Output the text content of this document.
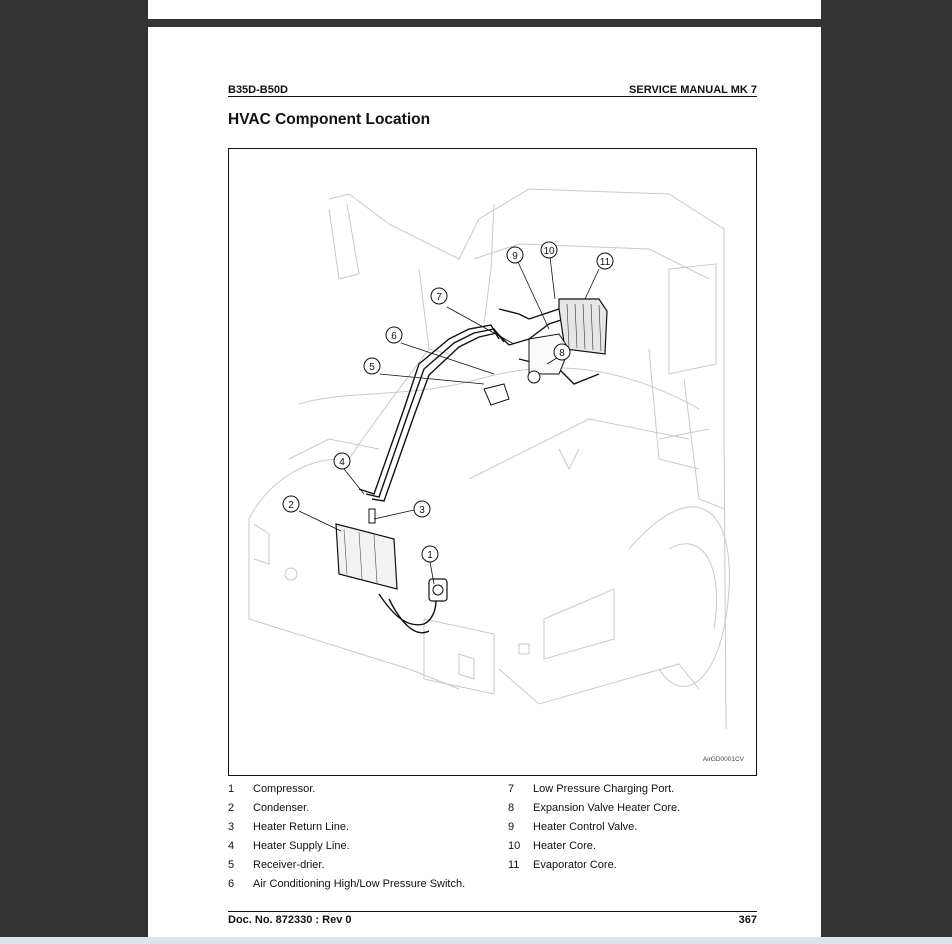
B35D-B50D	SERVICE MANUAL MK 7
HVAC Component Location
1
2	3
4
5
6
7
8
9	10
11
AirGD0001CV
1 Compressor.
2 Condenser.
3 Heater Return Line.
4 Heater Supply Line.
5 Receiver-drier.
6 Air Conditioning High/Low Pressure Switch.
7 Low Pressure Charging Port.
8 Expansion Valve Heater Core.
9 Heater Control Valve.
10 Heater Core.
11 Evaporator Core.
Doc. No. 872330 : Rev 0	367
